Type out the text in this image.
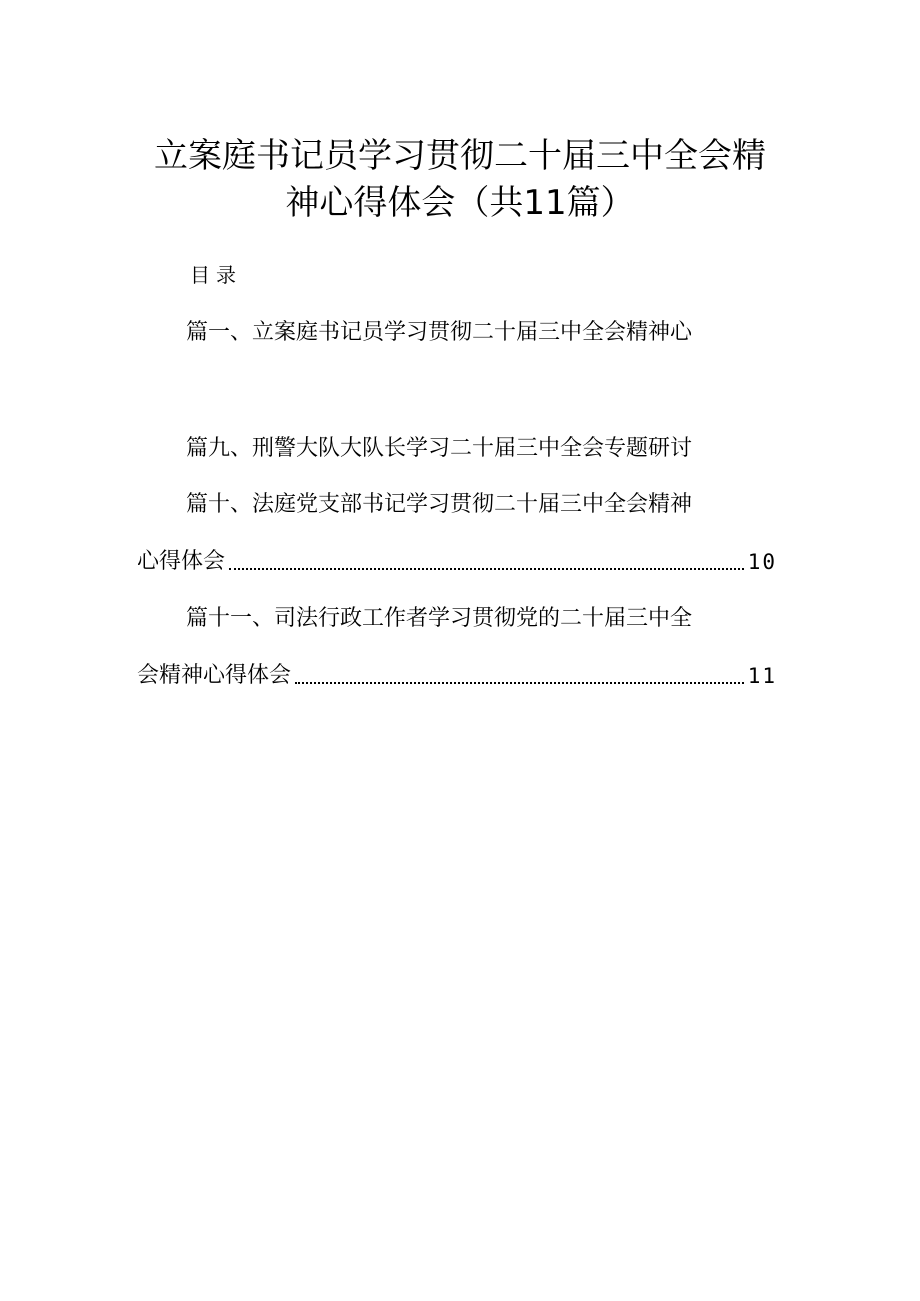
立案庭书记员学习贯彻二十届三中全会精
神心得体会（共11篇）
目录
篇一、立案庭书记员学习贯彻二十届三中全会精神心
篇九、刑警大队大队长学习二十届三中全会专题研讨
篇十、法庭党支部书记学习贯彻二十届三中全会精神
心得体会	10
篇十一、司法行政工作者学习贯彻党的二十届三中全
会精神心得体会	11
